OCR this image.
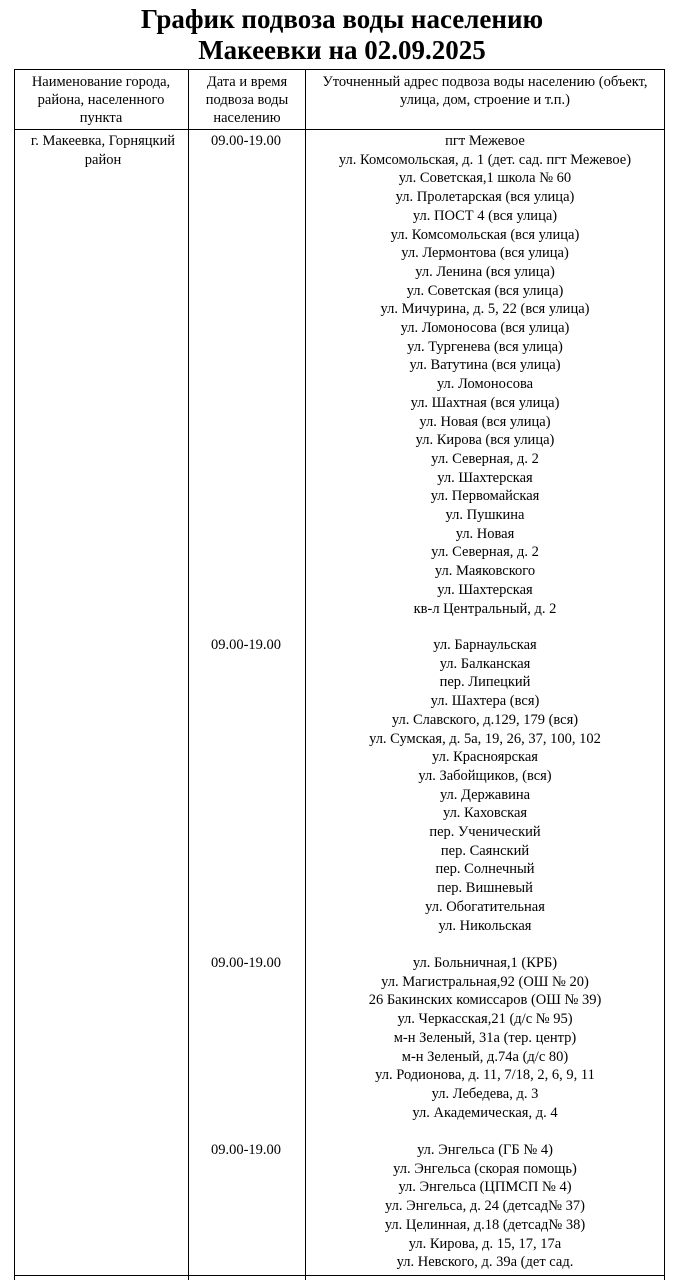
График подвоза воды населению
Макеевки на 02.09.2025
Наименование города, района, населенного пункта
Дата и время подвоза воды населению
Уточненный адрес подвоза воды населению (объект, улица, дом, строение и т.п.)
г. Макеевка, Горняцкий район
09.00-19.00
09.00-19.00
09.00-19.00
09.00-19.00
пгт Межевое
ул. Комсомольская, д. 1 (дет. сад. пгт Межевое)
ул. Советская,1 школа № 60
ул. Пролетарская (вся улица)
ул. ПОСТ 4 (вся улица)
ул. Комсомольская (вся улица)
ул. Лермонтова (вся улица)
ул. Ленина (вся улица)
ул. Советская (вся улица)
ул. Мичурина, д. 5, 22 (вся улица)
ул. Ломоносова (вся улица)
ул. Тургенева (вся улица)
ул. Ватутина (вся улица)
ул. Ломоносова
ул. Шахтная (вся улица)
ул. Новая (вся улица)
ул. Кирова (вся улица)
ул. Северная, д. 2
ул. Шахтерская
ул. Первомайская
ул. Пушкина
ул. Новая
ул. Северная, д. 2
ул. Маяковского
ул. Шахтерская
кв-л Центральный, д. 2
ул. Барнаульская
ул. Балканская
пер. Липецкий
ул. Шахтера (вся)
ул. Славского, д.129, 179 (вся)
ул. Сумская, д. 5а, 19, 26, 37, 100, 102
ул. Красноярская
ул. Забойщиков, (вся)
ул. Державина
ул. Каховская
пер. Ученический
пер. Саянский
пер. Солнечный
пер. Вишневый
ул. Обогатительная
ул. Никольская
ул. Больничная,1 (КРБ)
ул. Магистральная,92 (ОШ № 20)
26 Бакинских комиссаров (ОШ № 39)
ул. Черкасская,21 (д/с № 95)
м-н Зеленый, 31а (тер. центр)
м-н Зеленый, д.74а (д/с 80)
ул. Родионова, д. 11, 7/18, 2, 6, 9, 11
ул. Лебедева, д. 3
ул. Академическая, д. 4
ул. Энгельса (ГБ № 4)
ул. Энгельса (скорая помощь)
ул. Энгельса (ЦПМСП № 4)
ул. Энгельса, д. 24 (детсад№ 37)
ул. Целинная, д.18 (детсад№ 38)
ул. Кирова, д. 15, 17, 17а
ул. Невского, д. 39а (дет сад.
